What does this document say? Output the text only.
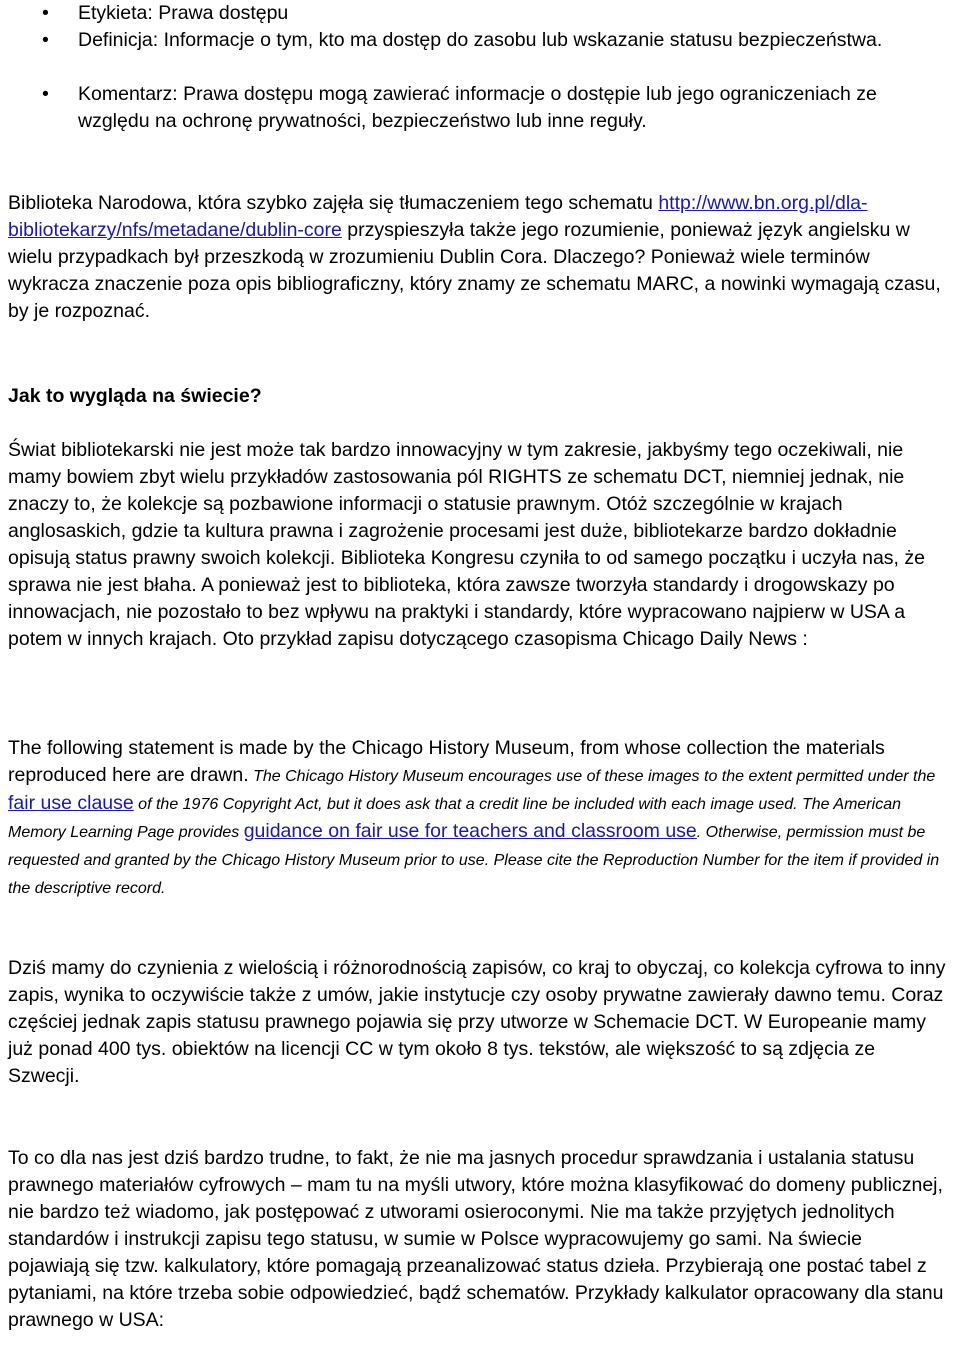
• Etykieta: Prawa dostępu
• Definicja: Informacje o tym, kto ma dostęp do zasobu lub wskazanie statusu bezpieczeństwa.
• Komentarz: Prawa dostępu mogą zawierać informacje o dostępie lub jego ograniczeniach ze względu na ochronę prywatności, bezpieczeństwo lub inne reguły.

Biblioteka Narodowa, która szybko zajęła się tłumaczeniem tego schematu http://www.bn.org.pl/dla-bibliotekarzy/nfs/metadane/dublin-core przyspieszyła także jego rozumienie, ponieważ język angielsku w wielu przypadkach był przeszkodą w zrozumieniu Dublin Cora. Dlaczego? Ponieważ wiele terminów wykracza znaczenie poza opis bibliograficzny, który znamy ze schematu MARC, a nowinki wymagają czasu, by je rozpoznać.

Jak to wygląda na świecie?

Świat bibliotekarski nie jest może tak bardzo innowacyjny w tym zakresie, jakbyśmy tego oczekiwali, nie mamy bowiem zbyt wielu przykładów zastosowania pól RIGHTS ze schematu DCT, niemniej jednak, nie znaczy to, że kolekcje są pozbawione informacji o statusie prawnym. Otóż szczególnie w krajach anglosaskich, gdzie ta kultura prawna i zagrożenie procesami jest duże, bibliotekarze bardzo dokładnie opisują status prawny swoich kolekcji. Biblioteka Kongresu czyniła to od samego początku i uczyła nas, że sprawa nie jest błaha. A ponieważ jest to biblioteka, która zawsze tworzyła standardy i drogowskazy po innowacjach, nie pozostało to bez wpływu na praktyki i standardy, które wypracowano najpierw w USA a potem w innych krajach. Oto przykład zapisu dotyczącego czasopisma Chicago Daily News :

The following statement is made by the Chicago History Museum, from whose collection the materials reproduced here are drawn. The Chicago History Museum encourages use of these images to the extent permitted under the fair use clause of the 1976 Copyright Act, but it does ask that a credit line be included with each image used. The American Memory Learning Page provides guidance on fair use for teachers and classroom use. Otherwise, permission must be requested and granted by the Chicago History Museum prior to use. Please cite the Reproduction Number for the item if provided in the descriptive record.

Dziś mamy do czynienia z wielością i różnorodnością zapisów, co kraj to obyczaj, co kolekcja cyfrowa to inny zapis, wynika to oczywiście także z umów, jakie instytucje czy osoby prywatne zawierały dawno temu. Coraz częściej jednak zapis statusu prawnego pojawia się przy utworze w Schemacie DCT. W Europeanie mamy już ponad 400 tys. obiektów na licencji CC w tym około 8 tys. tekstów, ale większość to są zdjęcia ze Szwecji.

To co dla nas jest dziś bardzo trudne, to fakt, że nie ma jasnych procedur sprawdzania i ustalania statusu prawnego materiałów cyfrowych – mam tu na myśli utwory, które można klasyfikować do domeny publicznej, nie bardzo też wiadomo, jak postępować z utworami osieroconymi. Nie ma także przyjętych jednolitych standardów i instrukcji zapisu tego statusu, w sumie w Polsce wypracowujemy go sami. Na świecie pojawiają się tzw. kalkulatory, które pomagają przeanalizować status dzieła. Przybierają one postać tabel z pytaniami, na które trzeba sobie odpowiedzieć, bądź schematów. Przykłady kalkulator opracowany dla stanu prawnego w USA:
